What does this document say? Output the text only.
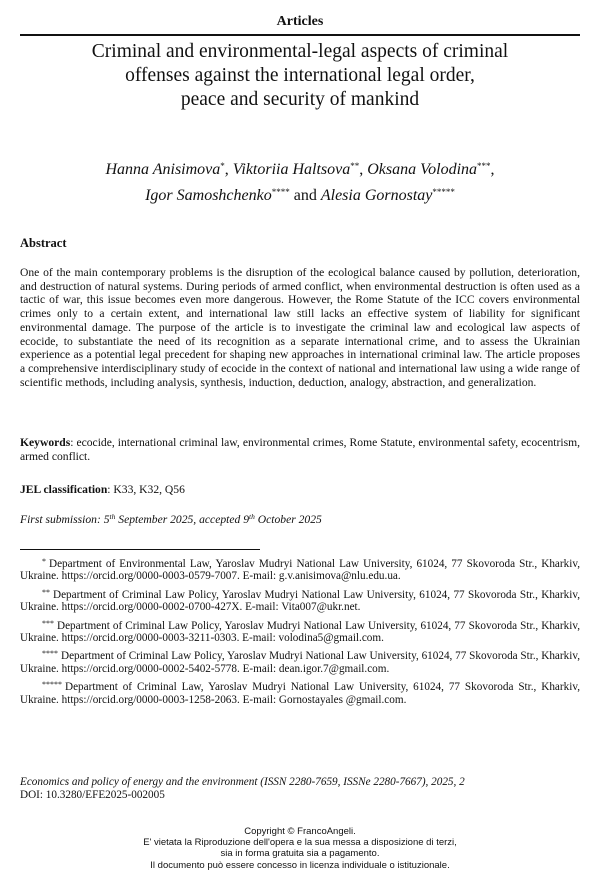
Articles
Criminal and environmental-legal aspects of criminal
offenses against the international legal order,
peace and security of mankind
Hanna Anisimova*, Viktoriia Haltsova**, Oksana Volodina***,
Igor Samoshchenko**** and Alesia Gornostay*****
Abstract
One of the main contemporary problems is the disruption of the ecological balance caused by pollution, deterioration, and destruction of natural systems. During periods of armed conflict, when environmental destruction is often used as a tactic of war, this issue becomes even more dangerous. However, the Rome Statute of the ICC covers environmental crimes only to a certain extent, and international law still lacks an effective system of liability for significant environmental damage. The purpose of the article is to investigate the criminal law and ecological law aspects of ecocide, to substantiate the need of its recognition as a separate international crime, and to assess the Ukrainian experience as a potential legal precedent for shaping new approaches in international criminal law. The article proposes a comprehensive interdisciplinary study of ecocide in the context of national and international law using a wide range of scientific methods, including analysis, synthesis, induction, deduction, analogy, abstraction, and generalization.
Keywords: ecocide, international criminal law, environmental crimes, Rome Statute, environmental safety, ecocentrism, armed conflict.
JEL classification: K33, K32, Q56
First submission: 5th September 2025, accepted 9th October 2025
* Department of Environmental Law, Yaroslav Mudryi National Law University, 61024, 77 Skovoroda Str., Kharkiv, Ukraine. https://orcid.org/0000-0003-0579-7007. E-mail: g.v.anisimova@nlu.edu.ua.
** Department of Criminal Law Policy, Yaroslav Mudryi National Law University, 61024, 77 Skovoroda Str., Kharkiv, Ukraine. https://orcid.org/0000-0002-0700-427X. E-mail: Vita007@ukr.net.
*** Department of Criminal Law Policy, Yaroslav Mudryi National Law University, 61024, 77 Skovoroda Str., Kharkiv, Ukraine. https://orcid.org/0000-0003-3211-0303. E-mail: volodina5@gmail.com.
**** Department of Criminal Law Policy, Yaroslav Mudryi National Law University, 61024, 77 Skovoroda Str., Kharkiv, Ukraine. https://orcid.org/0000-0002-5402-5778. E-mail: dean.igor.7@gmail.com.
***** Department of Criminal Law, Yaroslav Mudryi National Law University, 61024, 77 Skovoroda Str., Kharkiv, Ukraine. https://orcid.org/0000-0003-1258-2063. E-mail: Gornostayales @gmail.com.
Economics and policy of energy and the environment (ISSN 2280-7659, ISSNe 2280-7667), 2025, 2
DOI: 10.3280/EFE2025-002005
Copyright © FrancoAngeli.
E' vietata la Riproduzione dell'opera e la sua messa a disposizione di terzi,
sia in forma gratuita sia a pagamento.
Il documento può essere concesso in licenza individuale o istituzionale.
